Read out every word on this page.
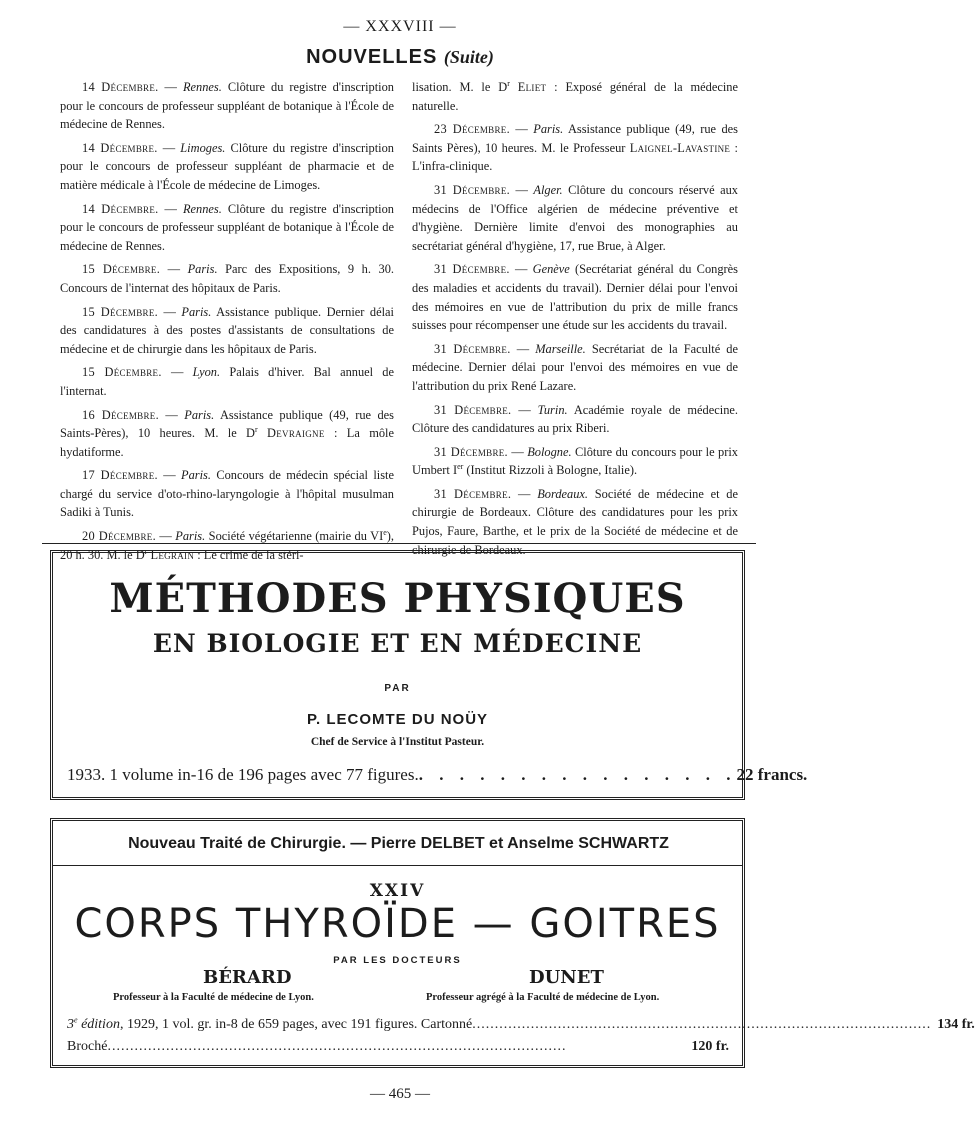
— XXXVIII —
NOUVELLES (Suite)

14 Décembre. — Rennes. Clôture du registre d'inscription pour le concours de professeur suppléant de botanique à l'École de médecine de Rennes.

14 Décembre. — Limoges. Clôture du registre d'inscription pour le concours de professeur suppléant de pharmacie et de matière médicale à l'École de médecine de Limoges.

14 Décembre. — Rennes. Clôture du registre d'inscription pour le concours de professeur suppléant de botanique à l'École de médecine de Rennes.

15 Décembre. — Paris. Parc des Expositions, 9 h. 30. Concours de l'internat des hôpitaux de Paris.

15 Décembre. — Paris. Assistance publique. Dernier délai des candidatures à des postes d'assistants de consultations de médecine et de chirurgie dans les hôpitaux de Paris.

15 Décembre. — Lyon. Palais d'hiver. Bal annuel de l'internat.

16 Décembre. — Paris. Assistance publique (49, rue des Saints-Pères), 10 heures. M. le $D^r$ Devraigne : La môle hydatiforme.

17 Décembre. — Paris. Concours de médecin spécial liste chargé du service d'oto-rhino-laryngologie à l'hôpital musulman Sadiki à Tunis.

20 Décembre. — Paris. Société végétarienne (mairie du VIe), 20 h. 30. M. le $D^r$ Legrain : Le crime de la stéri-

lisation. M. le $D^r$ Eliet : Exposé général de la médecine naturelle.

23 Décembre. — Paris. Assistance publique (49, rue des Saints Pères), 10 heures. M. le Professeur Laignel-Lavastine : L'infra-clinique.

31 Décembre. — Alger. Clôture du concours réservé aux médecins de l'Office algérien de médecine préventive et d'hygiène. Dernière limite d'envoi des monographies au secrétariat général d'hygiène, 17, rue Brue, à Alger.

31 Décembre. — Genève (Secrétariat général du Congrès des maladies et accidents du travail). Dernier délai pour l'envoi des mémoires en vue de l'attribution du prix de mille francs suisses pour récompenser une étude sur les accidents du travail.

31 Décembre. — Marseille. Secrétariat de la Faculté de médecine. Dernier délai pour l'envoi des mémoires en vue de l'attribution du prix René Lazare.

31 Décembre. — Turin. Académie royale de médecine. Clôture des candidatures au prix Riberi.

31 Décembre. — Bologne. Clôture du concours pour le prix Umbert Ier (Institut Rizzoli à Bologne, Italie).

31 Décembre. — Bordeaux. Société de médecine et de chirurgie de Bordeaux. Clôture des candidatures pour les prix Pujos, Faure, Barthe, et le prix de la Société de médecine et de chirurgie de Bordeaux.

MÉTHODES PHYSIQUES
EN BIOLOGIE ET EN MÉDECINE
PAR
P. LECOMTE DU NOÜY
Chef de Service à l'Institut Pasteur.
1933. 1 volume in-16 de 196 pages avec 77 figures. . . . . . . . . . . . . . . . . 22 francs.
Nouveau Traité de Chirurgie. — Pierre DELBET et Anselme SCHWARTZ
XXIV
CORPS THYROÏDE — GOITRES
PAR LES DOCTEURS
BÉRARD
Professeur à la Faculté de médecine de Lyon.
DUNET
Professeur agrégé à la Faculté de médecine de Lyon.
3e édition, 1929, 1 vol. gr. in-8 de 659 pages, avec 191 figures. Cartonné ...................................................................................................... 134 fr.
Broché ......................................................................................................	120 fr.
— 465 —
